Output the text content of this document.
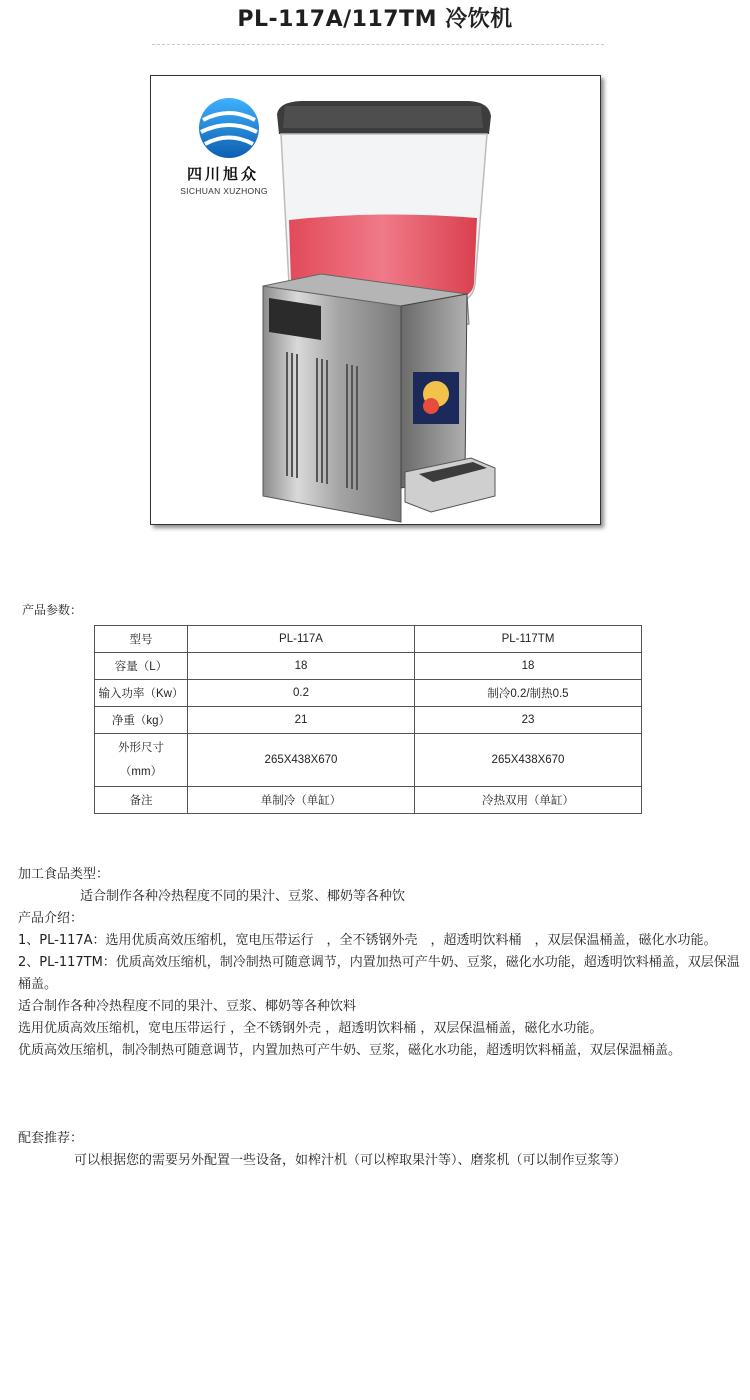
PL-117A/117TM 冷饮机
四川旭众
SICHUAN XUZHONG
产品参数：
型号	PL-117A	PL-117TM
容量（L）	18	18
输入功率（Kw）	0.2	制冷0.2/制热0.5
净重（kg）	21	23
外形尺寸
（mm）	265X438X670	265X438X670
备注	单制冷（单缸）	冷热双用（单缸）
加工食品类型：
适合制作各种冷热程度不同的果汁、豆浆、椰奶等各种饮
产品介绍：
1、PL-117A：选用优质高效压缩机，宽电压带运行　，全不锈钢外壳　，超透明饮料桶　，双层保温桶盖，磁化水功能。
2、PL-117TM：优质高效压缩机，制冷制热可随意调节，内置加热可产牛奶、豆浆，磁化水功能，超透明饮料桶盖，双层保温桶盖。
适合制作各种冷热程度不同的果汁、豆浆、椰奶等各种饮料
选用优质高效压缩机，宽电压带运行 ，全不锈钢外壳 ，超透明饮料桶 ，双层保温桶盖，磁化水功能。
优质高效压缩机，制冷制热可随意调节，内置加热可产牛奶、豆浆，磁化水功能，超透明饮料桶盖，双层保温桶盖。
配套推荐：
可以根据您的需要另外配置一些设备，如榨汁机（可以榨取果汁等）、磨浆机（可以制作豆浆等）
